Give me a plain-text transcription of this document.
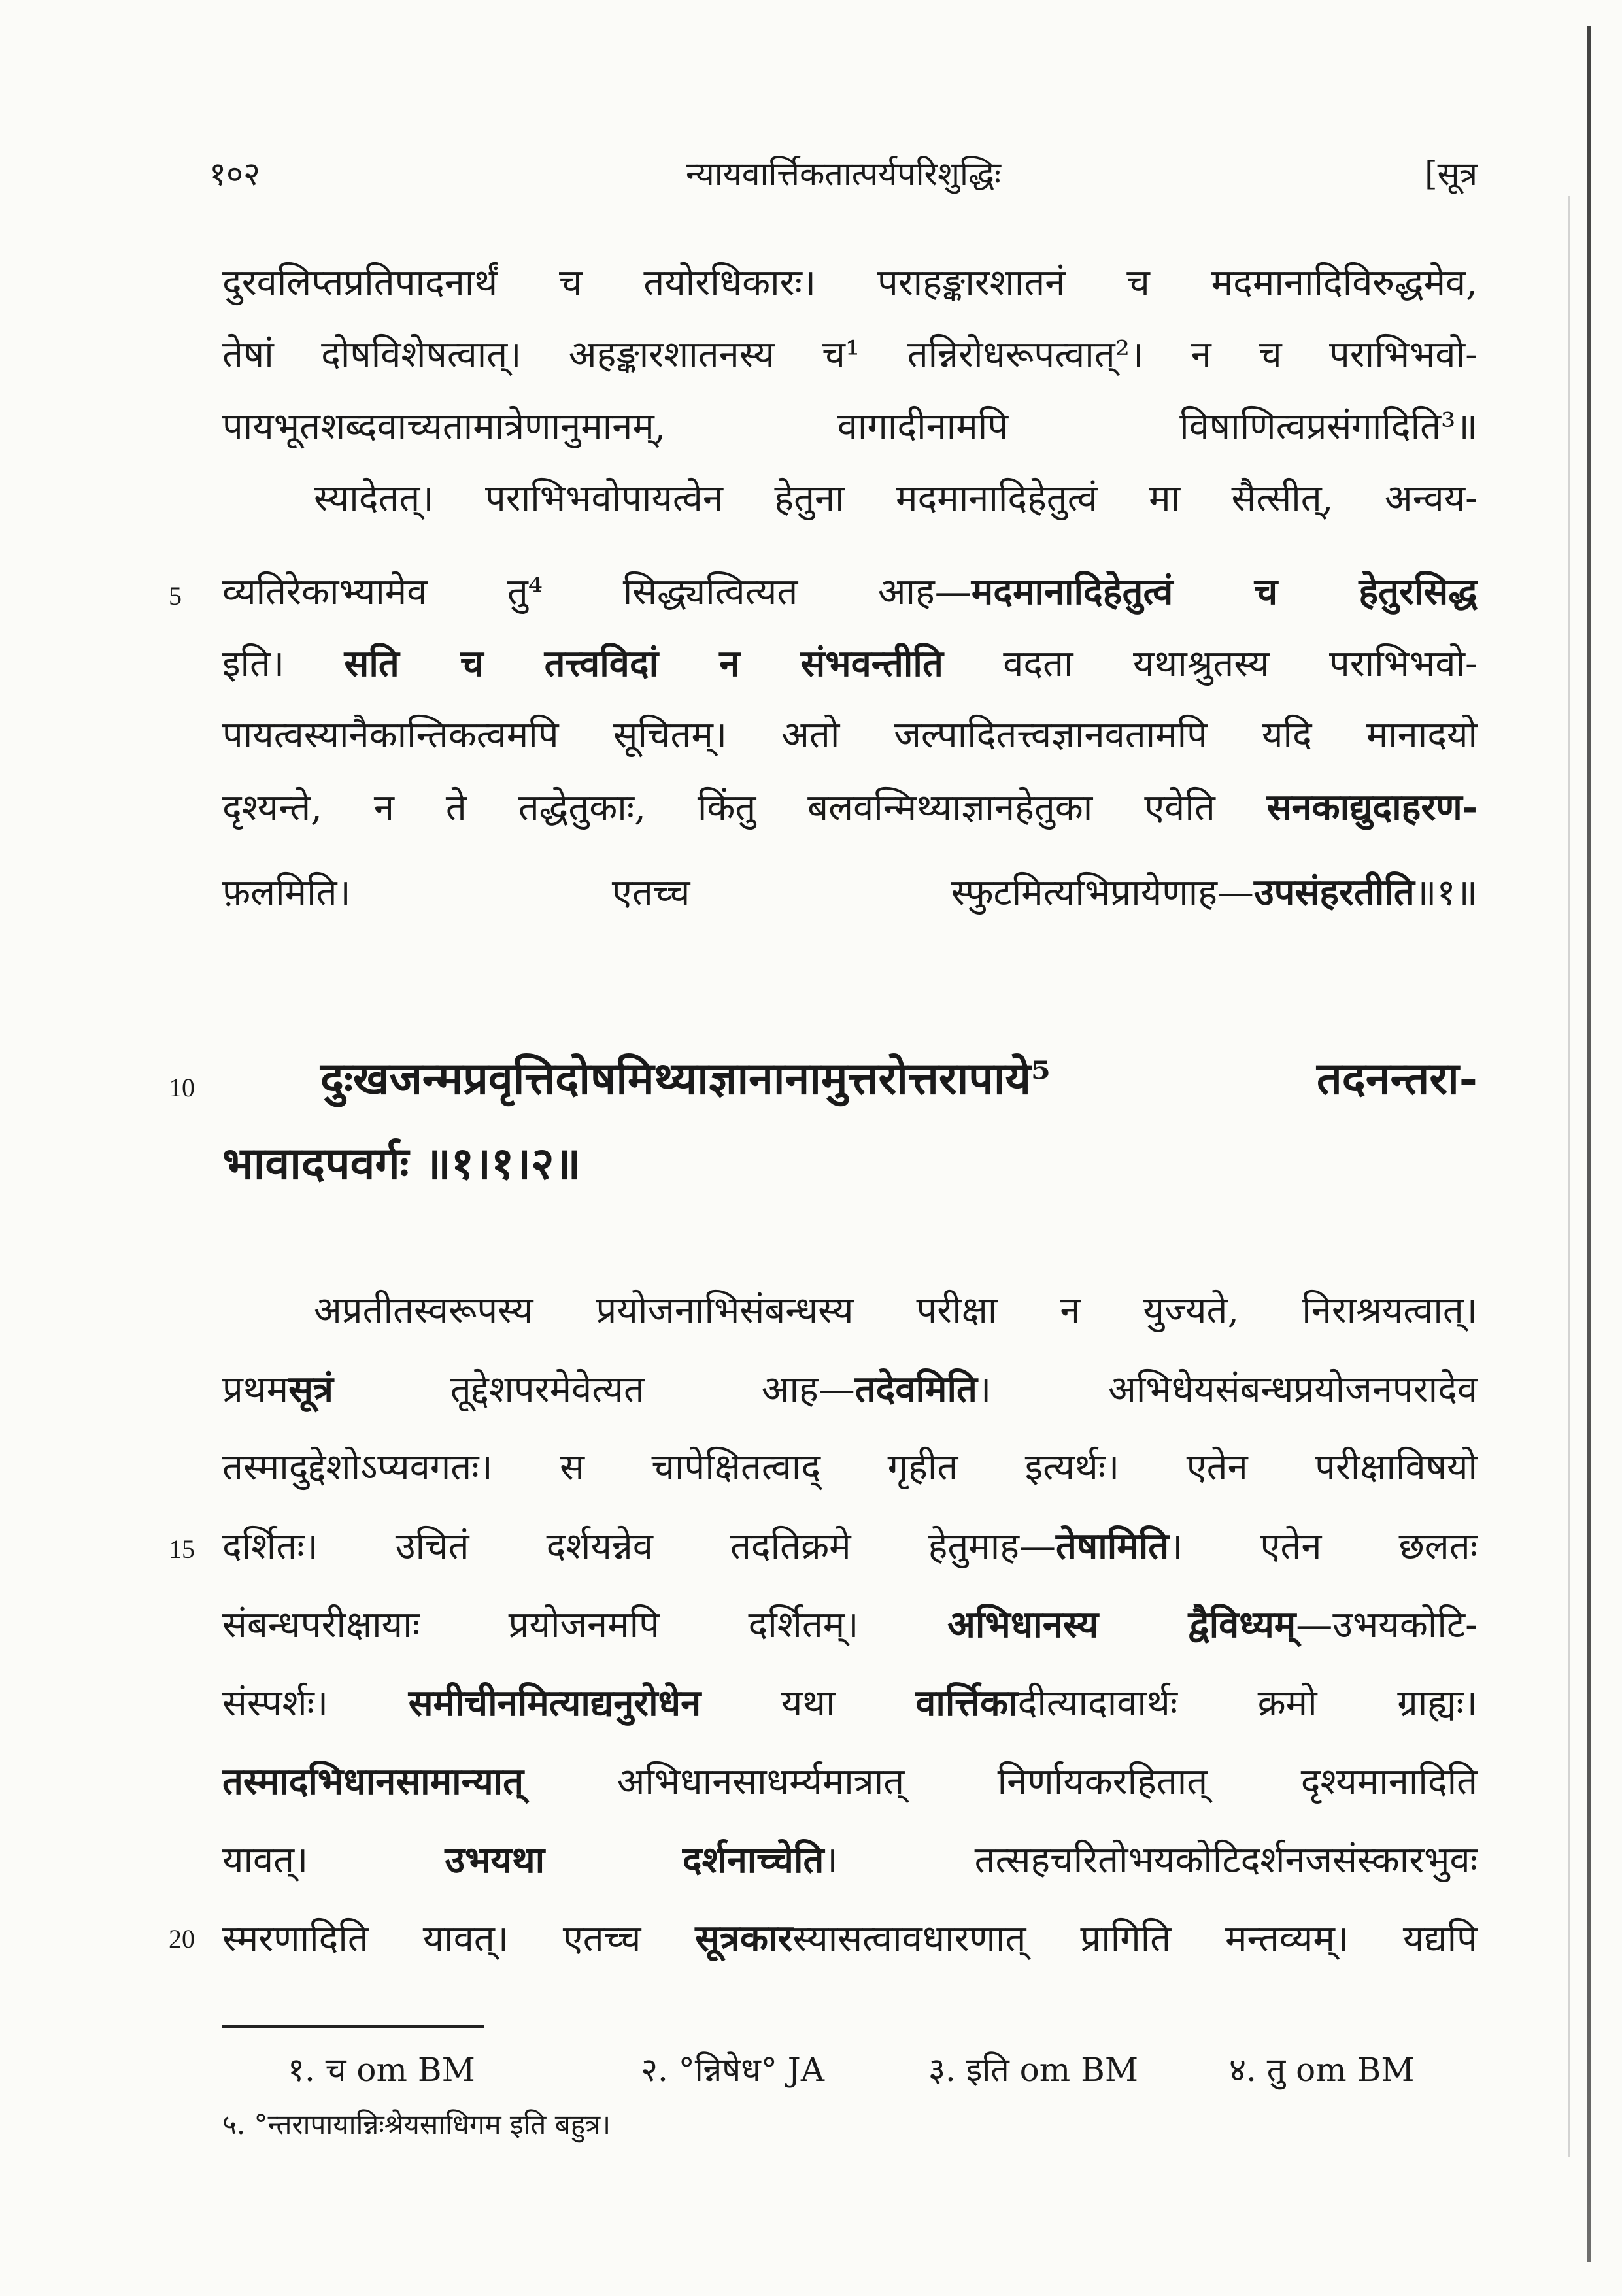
१०२	न्यायवार्त्तिकतात्पर्यपरिशुद्धिः	[सूत्र
दुरवलिप्तप्रतिपादनार्थं च तयोरधिकारः। पराहङ्कारशातनं च मदमानादिविरुद्धमेव,
तेषां दोषविशेषत्वात्। अहङ्कारशातनस्य च¹ तन्निरोधरूपत्वात्²। न च पराभिभवो-
पायभूतशब्दवाच्यतामात्रेणानुमानम्, वागादीनामपि विषाणित्वप्रसंगादिति³॥
स्यादेतत्। पराभिभवोपायत्वेन हेतुना मदमानादिहेतुत्वं मा सैत्सीत्, अन्वय-
5 व्यतिरेकाभ्यामेव तु⁴ सिद्ध्यत्वित्यत आह—मदमानादिहेतुत्वं च हेतुरसिद्ध
इति। सति च तत्त्वविदां न संभवन्तीति वदता यथाश्रुतस्य पराभिभवो-
पायत्वस्यानैकान्तिकत्वमपि सूचितम्। अतो जल्पादितत्त्वज्ञानवतामपि यदि मानादयो
दृश्यन्ते, न ते तद्धेतुकाः, किंतु बलवन्मिथ्याज्ञानहेतुका एवेति सनकाद्युदाहरण-
फ़लमिति। एतच्च स्फुटमित्यभिप्रायेणाह—उपसंहरतीति॥१॥
10	दुःखजन्मप्रवृत्तिदोषमिथ्याज्ञानानामुत्तरोत्तरापाये⁵ तदनन्तरा-
भावादपवर्गः ॥१।१।२॥
अप्रतीतस्वरूपस्य प्रयोजनाभिसंबन्धस्य परीक्षा न युज्यते, निराश्रयत्वात्।
प्रथमसूत्रं तूद्देशपरमेवेत्यत आह—तदेवमिति। अभिधेयसंबन्धप्रयोजनपरादेव
तस्मादुद्देशोऽप्यवगतः। स चापेक्षितत्वाद् गृहीत इत्यर्थः। एतेन परीक्षाविषयो
15 दर्शितः। उचितं दर्शयन्नेव तदतिक्रमे हेतुमाह—तेषामिति। एतेन छलतः
संबन्धपरीक्षायाः प्रयोजनमपि दर्शितम्। अभिधानस्य द्वैविध्यम्—उभयकोटि-
संस्पर्शः। समीचीनमित्याद्यनुरोधेन यथा वार्त्तिकादीत्यादावार्थः क्रमो ग्राह्यः।
तस्मादभिधानसामान्यात् अभिधानसाधर्म्यमात्रात् निर्णायकरहितात् दृश्यमानादिति
यावत्। उभयथा दर्शनाच्चेति। तत्सहचरितोभयकोटिदर्शनजसंस्कारभुवः
20 स्मरणादिति यावत्। एतच्च सूत्रकारस्यासत्वावधारणात् प्रागिति मन्तव्यम्। यद्यपि
१. च om BM	२. °न्निषेध° JA	३. इति om BM	४. तु om BM
५. °न्तरापायान्निःश्रेयसाधिगम इति बहुत्र।
